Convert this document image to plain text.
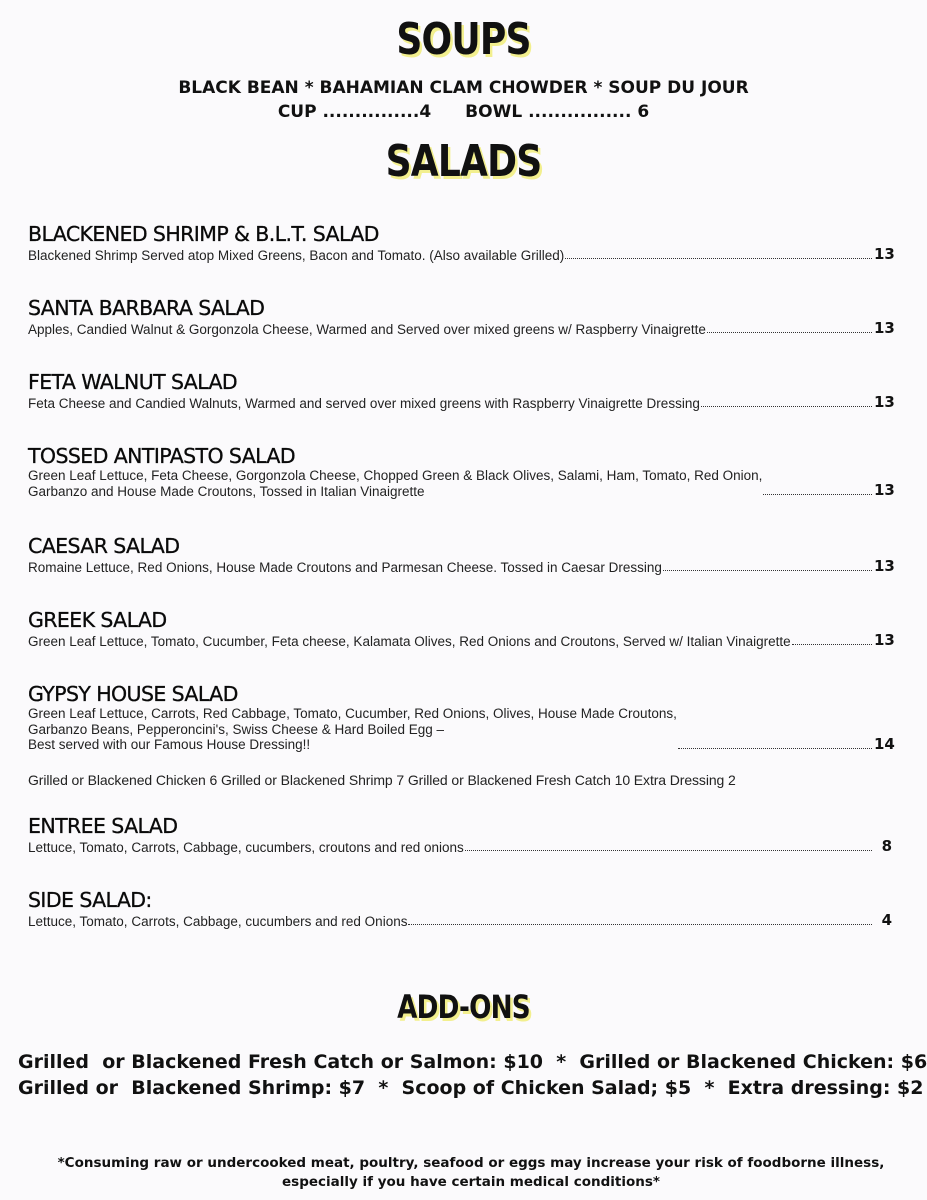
SOUPS
BLACK BEAN * BAHAMIAN CLAM CHOWDER * SOUP DU JOUR
CUP ...............4 BOWL ................ 6
SALADS
BLACKENED SHRIMP & B.L.T. SALAD
Blackened Shrimp Served atop Mixed Greens, Bacon and Tomato. (Also available Grilled)	13
SANTA BARBARA SALAD
Apples, Candied Walnut & Gorgonzola Cheese, Warmed and Served over mixed greens w/ Raspberry Vinaigrette	13
FETA WALNUT SALAD
Feta Cheese and Candied Walnuts, Warmed and served over mixed greens with Raspberry Vinaigrette Dressing	13
TOSSED ANTIPASTO SALAD
Green Leaf Lettuce, Feta Cheese, Gorgonzola Cheese, Chopped Green & Black Olives, Salami, Ham, Tomato, Red Onion,
Garbanzo and House Made Croutons, Tossed in Italian Vinaigrette	13
CAESAR SALAD
Romaine Lettuce, Red Onions, House Made Croutons and Parmesan Cheese. Tossed in Caesar Dressing	13
GREEK SALAD
Green Leaf Lettuce, Tomato, Cucumber, Feta cheese, Kalamata Olives, Red Onions and Croutons, Served w/ Italian Vinaigrette	13
GYPSY HOUSE SALAD
Green Leaf Lettuce, Carrots, Red Cabbage, Tomato, Cucumber, Red Onions, Olives, House Made Croutons,
Garbanzo Beans, Pepperoncini's, Swiss Cheese & Hard Boiled Egg –
Best served with our Famous House Dressing!!	14
Grilled or Blackened Chicken 6 Grilled or Blackened Shrimp 7 Grilled or Blackened Fresh Catch 10 Extra Dressing 2
ENTREE SALAD
Lettuce, Tomato, Carrots, Cabbage, cucumbers, croutons and red onions	8
SIDE SALAD:
Lettuce, Tomato, Carrots, Cabbage, cucumbers and red Onions	4
ADD-ONS
Grilled  or Blackened Fresh Catch or Salmon: $10  *  Grilled or Blackened Chicken: $6
Grilled or  Blackened Shrimp: $7  *  Scoop of Chicken Salad; $5  *  Extra dressing: $2
*Consuming raw or undercooked meat, poultry, seafood or eggs may increase your risk of foodborne illness,
especially if you have certain medical conditions*
